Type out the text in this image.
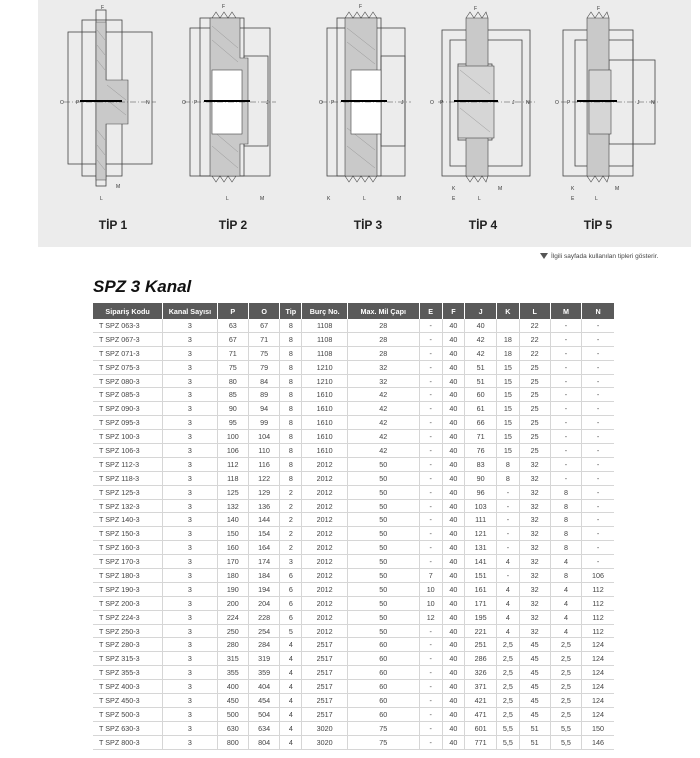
F
O P	N
M
L
F
O P	J
M
L
F
O P	J
K	L	M
F
O P	J N
K
E	L
M
F
O P	J N
K
E	L
M
TİP 1	TİP 2	TİP 3	TİP 4	TİP 5
İlgili sayfada kullanılan tipleri gösterir.
SPZ 3 Kanal
Sipariş Kodu	Kanal Sayısı	P	O	Tip	Burç No.	Max. Mil Çapı	E	F	J	K	L	M	N
T SPZ 063-3	3	63	67	8	1108	28	-	40	40		22	-	-
T SPZ 067-3	3	67	71	8	1108	28	-	40	42	18	22	-	-
T SPZ 071-3	3	71	75	8	1108	28	-	40	42	18	22	-	-
T SPZ 075-3	3	75	79	8	1210	32	-	40	51	15	25	-	-
T SPZ 080-3	3	80	84	8	1210	32	-	40	51	15	25	-	-
T SPZ 085-3	3	85	89	8	1610	42	-	40	60	15	25	-	-
T SPZ 090-3	3	90	94	8	1610	42	-	40	61	15	25	-	-
T SPZ 095-3	3	95	99	8	1610	42	-	40	66	15	25	-	-
T SPZ 100-3	3	100	104	8	1610	42	-	40	71	15	25	-	-
T SPZ 106-3	3	106	110	8	1610	42	-	40	76	15	25	-	-
T SPZ 112-3	3	112	116	8	2012	50	-	40	83	8	32	-	-
T SPZ 118-3	3	118	122	8	2012	50	-	40	90	8	32	-	-
T SPZ 125-3	3	125	129	2	2012	50	-	40	96	-	32	8	-
T SPZ 132-3	3	132	136	2	2012	50	-	40	103	-	32	8	-
T SPZ 140-3	3	140	144	2	2012	50	-	40	111	-	32	8	-
T SPZ 150-3	3	150	154	2	2012	50	-	40	121	-	32	8	-
T SPZ 160-3	3	160	164	2	2012	50	-	40	131	-	32	8	-
T SPZ 170-3	3	170	174	3	2012	50	-	40	141	4	32	4	-
T SPZ 180-3	3	180	184	6	2012	50	7	40	151	-	32	8	106
T SPZ 190-3	3	190	194	6	2012	50	10	40	161	4	32	4	112
T SPZ 200-3	3	200	204	6	2012	50	10	40	171	4	32	4	112
T SPZ 224-3	3	224	228	6	2012	50	12	40	195	4	32	4	112
T SPZ 250-3	3	250	254	5	2012	50	-	40	221	4	32	4	112
T SPZ 280-3	3	280	284	4	2517	60	-	40	251	2,5	45	2,5	124
T SPZ 315-3	3	315	319	4	2517	60	-	40	286	2,5	45	2,5	124
T SPZ 355-3	3	355	359	4	2517	60	-	40	326	2,5	45	2,5	124
T SPZ 400-3	3	400	404	4	2517	60	-	40	371	2,5	45	2,5	124
T SPZ 450-3	3	450	454	4	2517	60	-	40	421	2,5	45	2,5	124
T SPZ 500-3	3	500	504	4	2517	60	-	40	471	2,5	45	2,5	124
T SPZ 630-3	3	630	634	4	3020	75	-	40	601	5,5	51	5,5	150
T SPZ 800-3	3	800	804	4	3020	75	-	40	771	5,5	51	5,5	146
